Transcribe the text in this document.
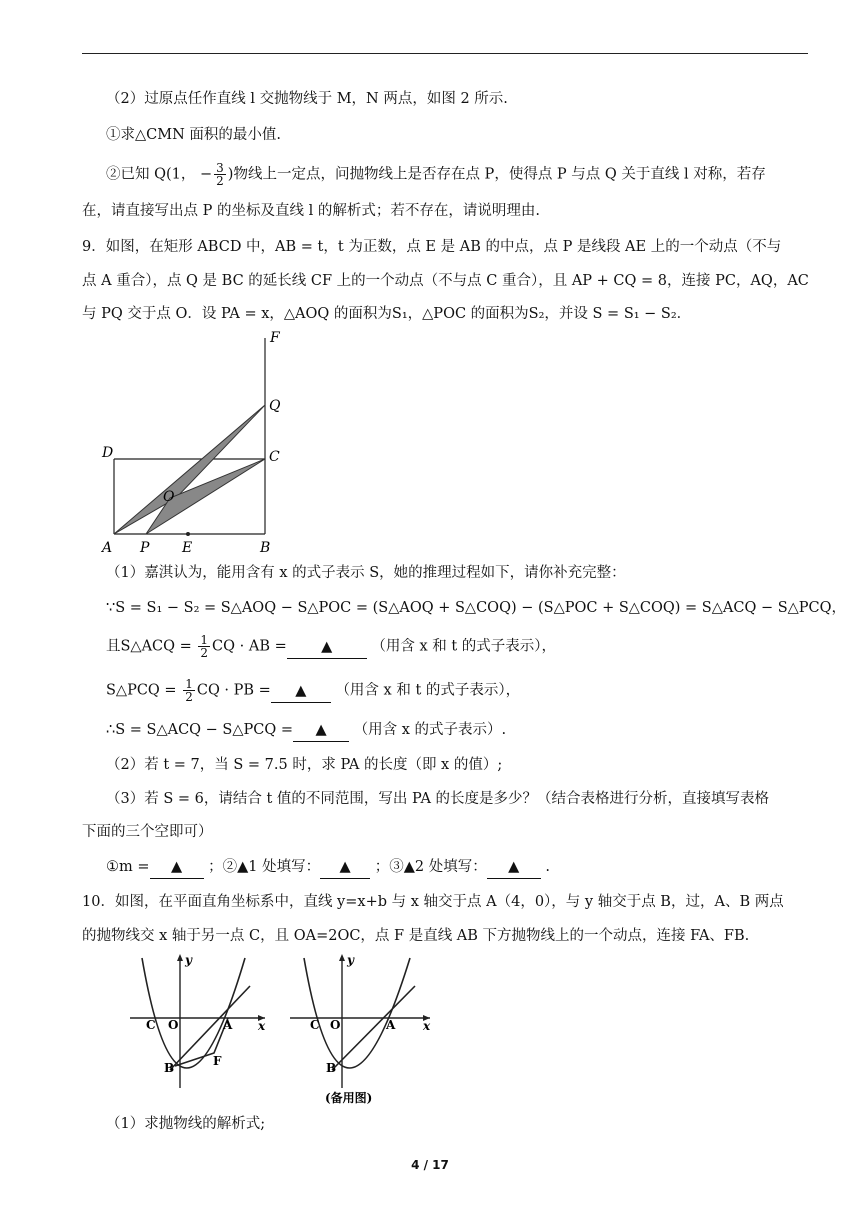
（2）过原点任作直线 l 交抛物线于 M，N 两点，如图 2 所示.
①求△CMN 面积的最小值.
②已知 Q(1， − $\frac{3}{2}$ )物线上一定点，问抛物线上是否存在点 P，使得点 P 与点 Q 关于直线 l 对称，若存
在，请直接写出点 P 的坐标及直线 l 的解析式；若不存在，请说明理由.
9．如图，在矩形 ABCD 中，AB = t，t 为正数，点 E 是 AB 的中点，点 P 是线段 AE 上的一个动点（不与
点 A 重合），点 Q 是 BC 的延长线 CF 上的一个动点（不与点 C 重合），且 AP + CQ = 8，连接 PC，AQ，AC
与 PQ 交于点 O．设 PA = x，△AOQ 的面积为S₁，△POC 的面积为S₂，并设 S = S₁ − S₂．
F
Q
D	C
O
A P E	B
（1）嘉淇认为，能用含有 x 的式子表示 S，她的推理过程如下，请你补充完整：
∵S = S₁ − S₂ = S△AOQ − S△POC = (S△AOQ + S△COQ) − (S△POC + S△COQ) = S△ACQ − S△PCQ，
且S△ACQ = $\frac{1}{2}$ CQ · AB = ▲	（用含 x 和 t 的式子表示），
S△PCQ = $\frac{1}{2}$ CQ · PB = ▲ （用含 x 和 t 的式子表示），
∴S = S△ACQ − S△PCQ = ▲ （用含 x 的式子表示）.
（2）若 t = 7，当 S = 7.5 时，求 PA 的长度（即 x 的值）;
（3）若 S = 6，请结合 t 值的不同范围，写出 PA 的长度是多少？（结合表格进行分析，直接填写表格
下面的三个空即可）
①m = ▲ ；②▲1 处填写： ▲ ；③▲2 处填写： ▲ .
10．如图，在平面直角坐标系中，直线 y=x+b 与 x 轴交于点 A（4，0），与 y 轴交于点 B，过，A、B 两点
的抛物线交 x 轴于另一点 C，且 OA=2OC，点 F 是直线 AB 下方抛物线上的一个动点，连接 FA、FB.
y
C O	A x
B	F
y
C O	A x
B
(备用图)
（1）求抛物线的解析式;
4 / 17
